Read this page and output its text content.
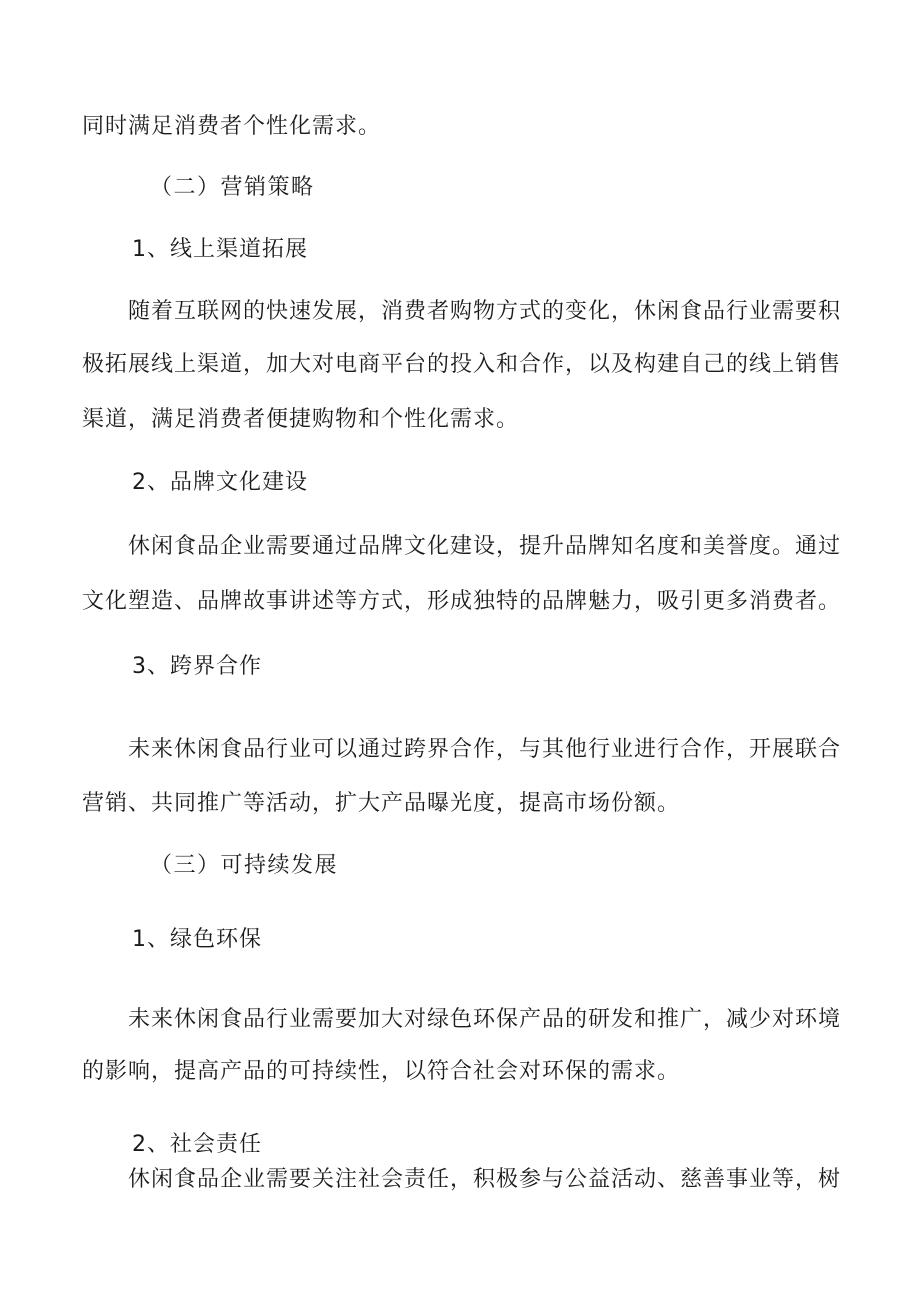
同时满足消费者个性化需求。
（二）营销策略
1、线上渠道拓展
随着互联网的快速发展，消费者购物方式的变化，休闲食品行业需要积
极拓展线上渠道，加大对电商平台的投入和合作，以及构建自己的线上销售
渠道，满足消费者便捷购物和个性化需求。
2、品牌文化建设
休闲食品企业需要通过品牌文化建设，提升品牌知名度和美誉度。通过
文化塑造、品牌故事讲述等方式，形成独特的品牌魅力，吸引更多消费者。
3、跨界合作
未来休闲食品行业可以通过跨界合作，与其他行业进行合作，开展联合
营销、共同推广等活动，扩大产品曝光度，提高市场份额。
（三）可持续发展
1、绿色环保
未来休闲食品行业需要加大对绿色环保产品的研发和推广，减少对环境
的影响，提高产品的可持续性，以符合社会对环保的需求。
2、社会责任
休闲食品企业需要关注社会责任，积极参与公益活动、慈善事业等，树
